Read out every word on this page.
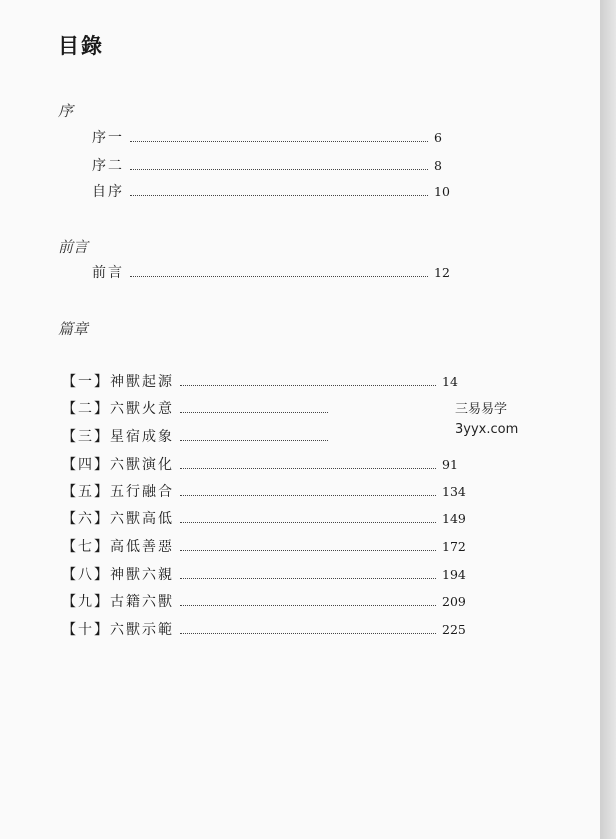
目錄
序
序一	6
序二	8
自序	10
前言
前言	12
篇章
【一】神獸起源	14
【二】六獸火意
【三】星宿成象
【四】六獸演化	91
【五】五行融合	134
【六】六獸高低	149
【七】高低善惡	172
【八】神獸六親	194
【九】古籍六獸	209
【十】六獸示範	225
三易易学
3yyx.com
